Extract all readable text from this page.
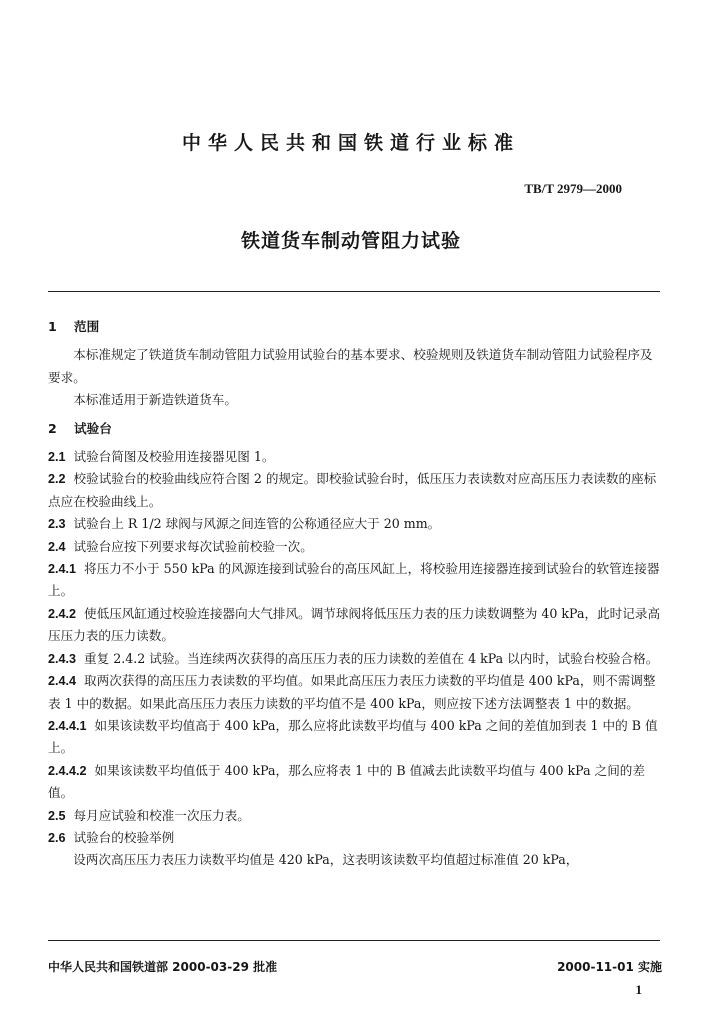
中华人民共和国铁道行业标准
TB/T 2979—2000
铁道货车制动管阻力试验

1 范围

本标准规定了铁道货车制动管阻力试验用试验台的基本要求、校验规则及铁道货车制动管阻力试验程序及要求。

本标准适用于新造铁道货车。

2 试验台

2.1 试验台简图及校验用连接器见图 1。

2.2 校验试验台的校验曲线应符合图 2 的规定。即校验试验台时，低压压力表读数对应高压压力表读数的座标点应在校验曲线上。

2.3 试验台上 R 1/2 球阀与风源之间连管的公称通径应大于 20 mm。

2.4 试验台应按下列要求每次试验前校验一次。

2.4.1 将压力不小于 550 kPa 的风源连接到试验台的高压风缸上，将校验用连接器连接到试验台的软管连接器上。

2.4.2 使低压风缸通过校验连接器向大气排风。调节球阀将低压压力表的压力读数调整为 40 kPa，此时记录高压压力表的压力读数。

2.4.3 重复 2.4.2 试验。当连续两次获得的高压压力表的压力读数的差值在 4 kPa 以内时，试验台校验合格。

2.4.4 取两次获得的高压压力表读数的平均值。如果此高压压力表压力读数的平均值是 400 kPa，则不需调整表 1 中的数据。如果此高压压力表压力读数的平均值不是 400 kPa，则应按下述方法调整表 1 中的数据。

2.4.4.1 如果该读数平均值高于 400 kPa，那么应将此读数平均值与 400 kPa 之间的差值加到表 1 中的 B 值上。

2.4.4.2 如果该读数平均值低于 400 kPa，那么应将表 1 中的 B 值减去此读数平均值与 400 kPa 之间的差值。

2.5 每月应试验和校准一次压力表。

2.6 试验台的校验举例

设两次高压压力表压力读数平均值是 420 kPa，这表明该读数平均值超过标准值 20 kPa，

中华人民共和国铁道部 2000-03-29 批准	2000-11-01 实施
1
